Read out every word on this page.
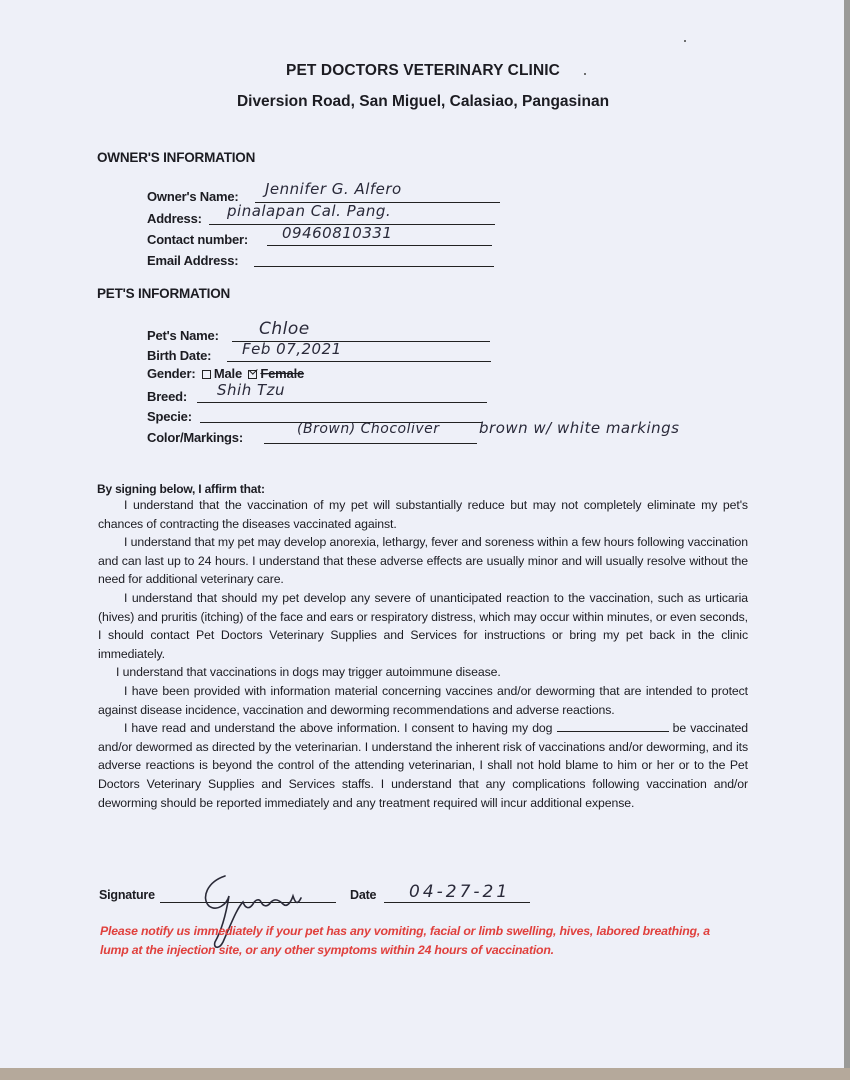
PET DOCTORS VETERINARY CLINIC
Diversion Road, San Miguel, Calasiao, Pangasinan
OWNER'S INFORMATION
Owner's Name: Jennifer G. Alfero
Address: pinalapan Cal. Pang.
Contact number: 09460810331
Email Address:
PET'S INFORMATION
Pet's Name: Chloe
Birth Date: Feb 07,2021
Gender: Male Female
Breed: Shih Tzu
Specie:
Color/Markings:
(Brown) Chocoliver	brown w/ white markings
By signing below, I affirm that:

I understand that the vaccination of my pet will substantially reduce but may not completely eliminate my pet's chances of contracting the diseases vaccinated against.

I understand that my pet may develop anorexia, lethargy, fever and soreness within a few hours following vaccination and can last up to 24 hours. I understand that these adverse effects are usually minor and will usually resolve without the need for additional veterinary care.

I understand that should my pet develop any severe of unanticipated reaction to the vaccination, such as urticaria (hives) and pruritis (itching) of the face and ears or respiratory distress, which may occur within minutes, or even seconds, I should contact Pet Doctors Veterinary Supplies and Services for instructions or bring my pet back in the clinic immediately.

I understand that vaccinations in dogs may trigger autoimmune disease.

I have been provided with information material concerning vaccines and/or deworming that are intended to protect against disease incidence, vaccination and deworming recommendations and adverse reactions.

I have read and understand the above information. I consent to having my dog	be vaccinated and/or dewormed as directed by the veterinarian. I understand the inherent risk of vaccinations and/or deworming, and its adverse reactions is beyond the control of the attending veterinarian, I shall not hold blame to him or her or to the Pet Doctors Veterinary Supplies and Services staffs. I understand that any complications following vaccination and/or deworming should be reported immediately and any treatment required will incur additional expense.

Signature	Date 04-27-21
Please notify us immediately if your pet has any vomiting, facial or limb swelling, hives, labored breathing, a lump at the injection site, or any other symptoms within 24 hours of vaccination.
